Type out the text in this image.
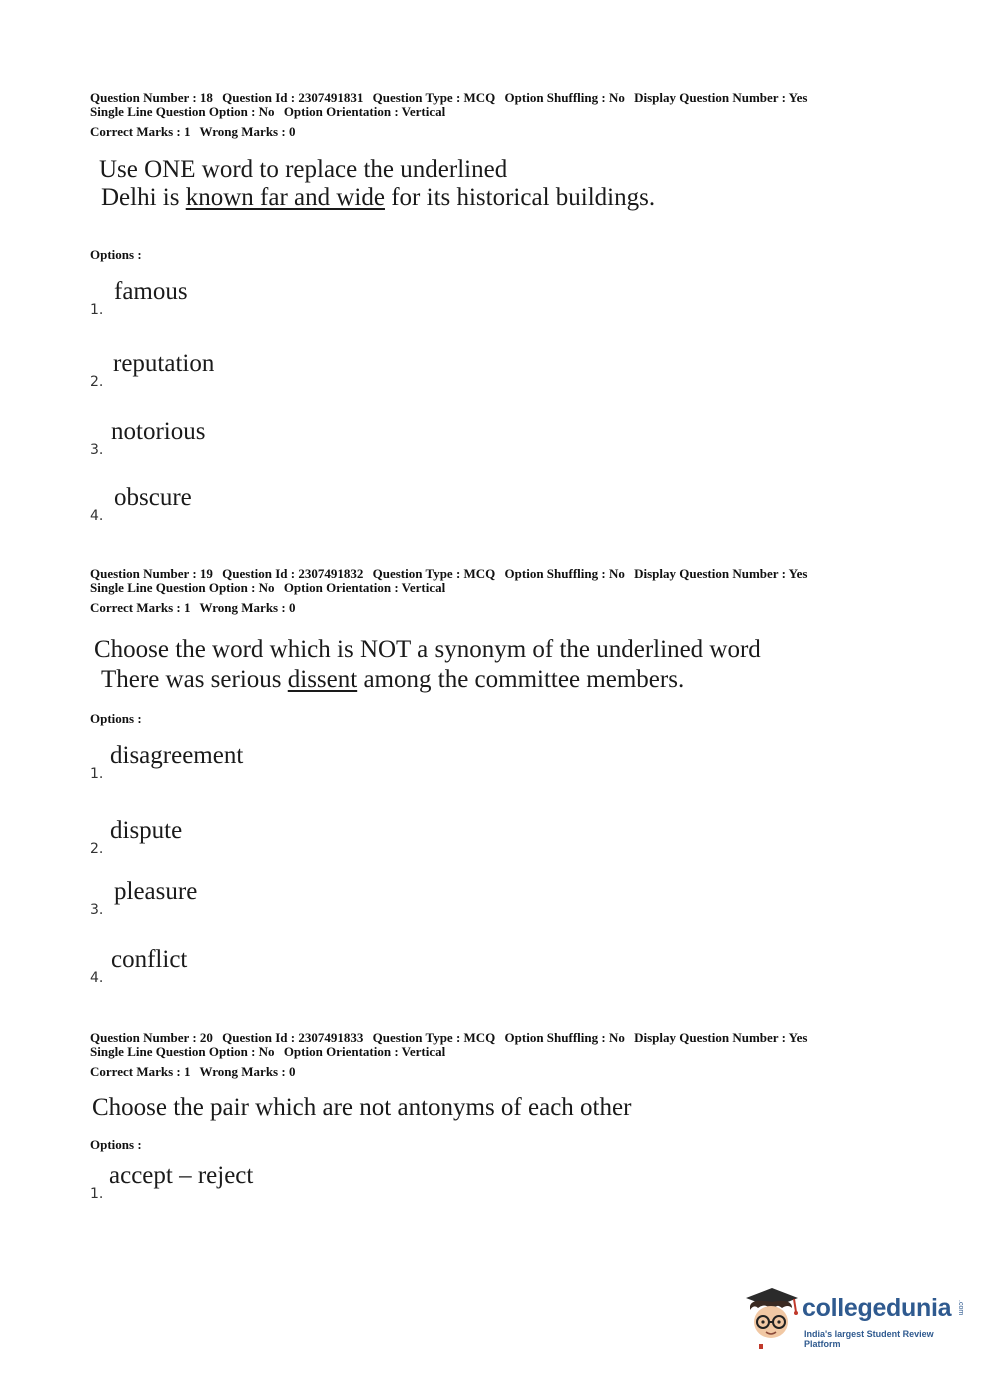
Question Number : 18 Question Id : 2307491831 Question Type : MCQ Option Shuffling : No Display Question Number : Yes
Single Line Question Option : No Option Orientation : Vertical
Correct Marks : 1 Wrong Marks : 0
Use ONE word to replace the underlined
Delhi is known far and wide for its historical buildings.
Options :
1.famous
2.reputation
3.notorious
4.obscure
Question Number : 19 Question Id : 2307491832 Question Type : MCQ Option Shuffling : No Display Question Number : Yes
Single Line Question Option : No Option Orientation : Vertical
Correct Marks : 1 Wrong Marks : 0
Choose the word which is NOT a synonym of the underlined word
There was serious dissent among the committee members.
Options :
1.disagreement
2.dispute
3.pleasure
4.conflict
Question Number : 20 Question Id : 2307491833 Question Type : MCQ Option Shuffling : No Display Question Number : Yes
Single Line Question Option : No Option Orientation : Vertical
Correct Marks : 1 Wrong Marks : 0
Choose the pair which are not antonyms of each other
Options :
1.accept – reject
collegedunia .com
India's largest Student Review Platform
